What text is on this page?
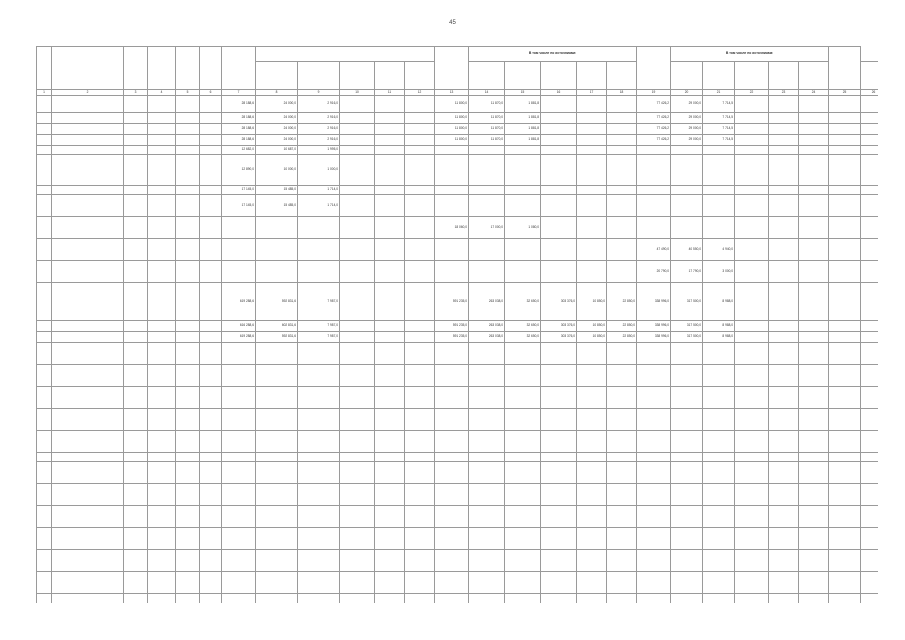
45
													В том числе по источникам:						В том числе по источникам:						

1	2	3	4	5	6	7	8	9	10	11	12	13	14	15	16	17	18	19	20	21	22	23	24	25	26
						28 188,6	24 000,0	2 916,0				11 800,0	11 870,0	1 881,8				77 426,2	29 000,0	7 714,5					
						28 188,6	24 000,0	2 916,0				11 800,0	11 870,0	1 881,8				77 426,2	29 000,0	7 714,5					
						28 188,6	24 000,0	2 916,0				11 800,0	11 870,0	1 881,8				77 426,2	29 000,0	7 714,5					
						28 188,6	24 000,0	2 916,0				11 800,0	11 870,0	1 881,8				77 426,2	29 000,0	7 714,5					
						12 682,0	10 687,0	1 995,0																	
						12 890,0	10 000,0	1 000,0																	
						17 145,0	15 485,0	1 714,0																	
						17 145,0	15 485,0	1 714,0																	
												18 060,0	17 000,0	1 080,0											
																		47 490,0	40 550,0	4 940,0					
																		20 790,0	17 790,0	3 000,0					
						619 288,6	592 831,6	7 987,0				591 235,0	263 038,0	32 650,0	303 376,0	10 850,0	22 850,0	338 996,0	317 500,0	8 988,0					
						616 288,6	602 831,6	7 987,0				591 235,0	263 038,0	32 650,0	303 376,0	10 850,0	22 850,0	338 996,0	317 500,0	8 988,0					
						619 288,6	592 831,6	7 987,0				591 235,0	263 038,0	32 650,0	303 376,0	10 850,0	22 850,0	338 996,0	317 500,0	8 988,0					
